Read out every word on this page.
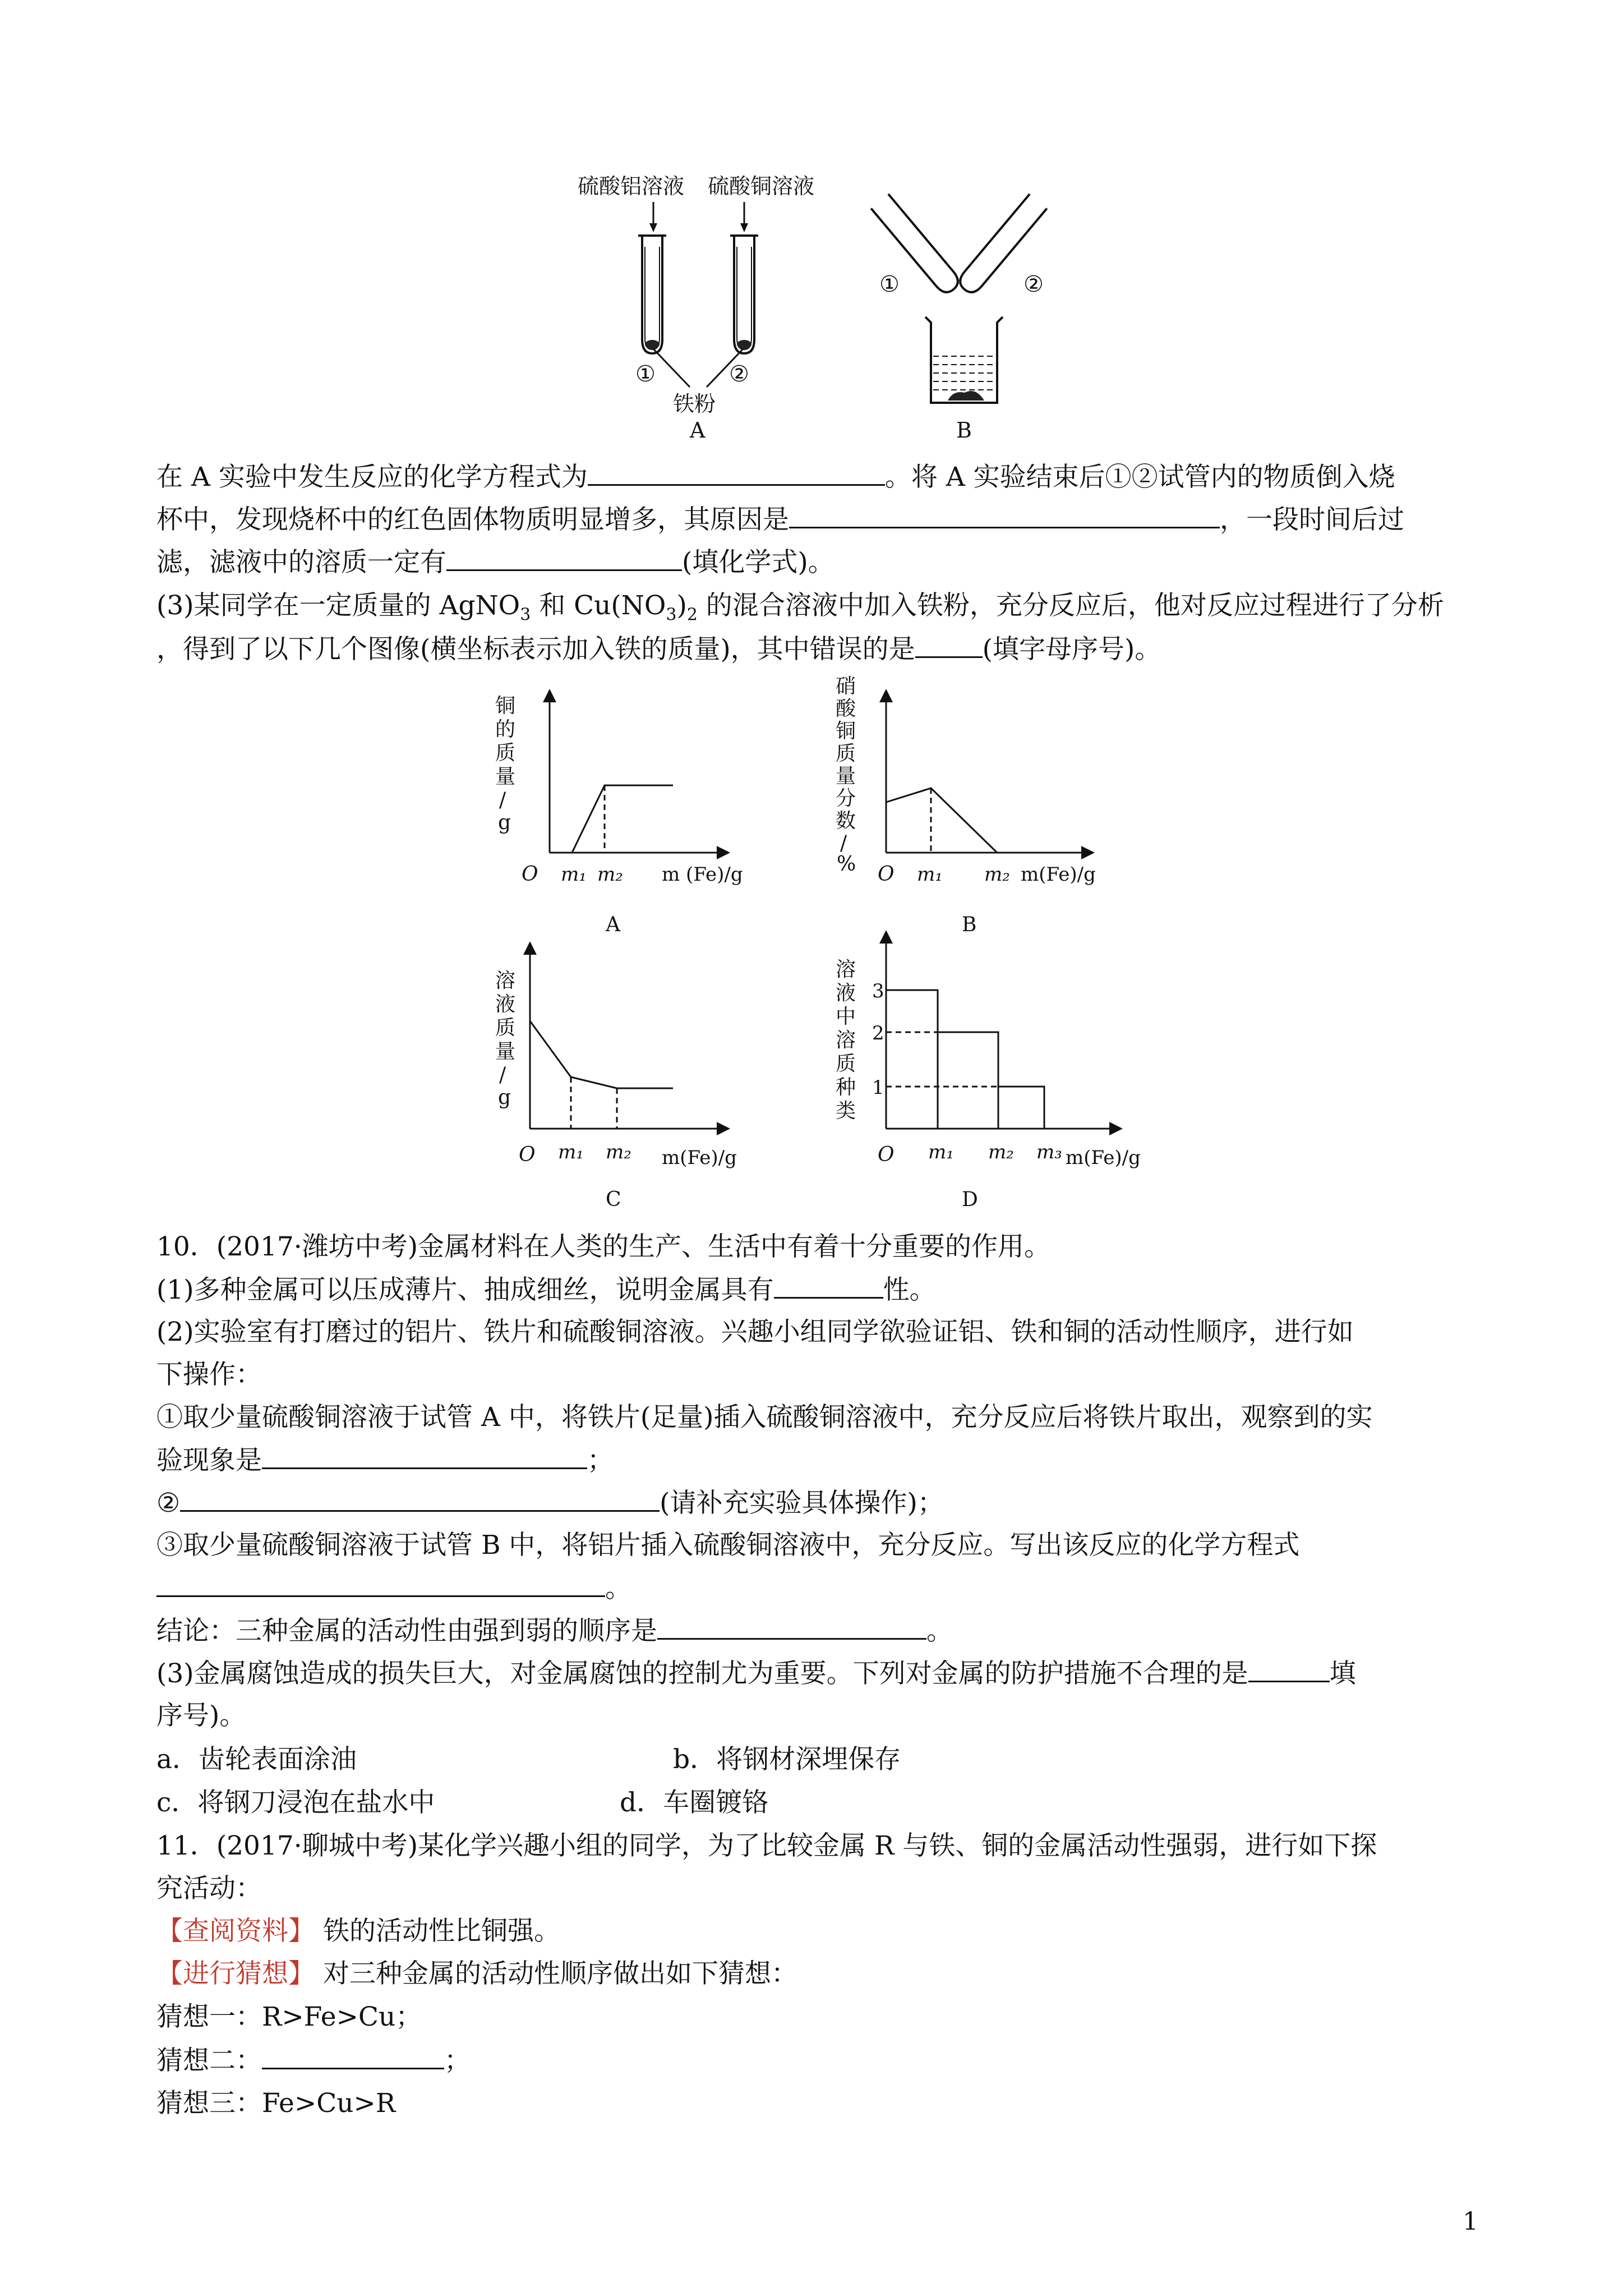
硫酸铝溶液 硫酸铜溶液
①	②
铁粉
A
①	②
B
在 A 实验中发生反应的化学方程式为	。将 A 实验结束后①②试管内的物质倒入烧
杯中，发现烧杯中的红色固体物质明显增多，其原因是	，一段时间后过
滤，滤液中的溶质一定有	(填化学式)。
(3)某同学在一定质量的 AgNO$_3$ 和 $Cu(NO_3)_2$ 的混合溶液中加入铁粉，充分反应后，他对反应过程进行了分析
，得到了以下几个图像(横坐标表示加入铁的质量)，其中错误的是	(填字母序号)。
铜 的 质 量 / g
O m₁ m₂ m (Fe)/g
A
硝 酸 铜 质 量 分 数 / %	O m₁ m₂ m(Fe)/g
B
溶 液 质 量 / g
O m₁ m₂ m(Fe)/g
C
溶 液 中 溶 质 种 类
3
2
1
O m₁ m₂ m₃ m(Fe)/g
D
10．(2017·潍坊中考)金属材料在人类的生产、生活中有着十分重要的作用。
(1)多种金属可以压成薄片、抽成细丝，说明金属具有	性。
(2)实验室有打磨过的铝片、铁片和硫酸铜溶液。兴趣小组同学欲验证铝、铁和铜的活动性顺序，进行如
下操作：
①取少量硫酸铜溶液于试管 A 中，将铁片(足量)插入硫酸铜溶液中，充分反应后将铁片取出，观察到的实
验现象是	；
②	(请补充实验具体操作)；
③取少量硫酸铜溶液于试管 B 中，将铝片插入硫酸铜溶液中，充分反应。写出该反应的化学方程式
。
结论：三种金属的活动性由强到弱的顺序是	。
(3)金属腐蚀造成的损失巨大，对金属腐蚀的控制尤为重要。下列对金属的防护措施不合理的是	填
序号)。
a．齿轮表面涂油	b．将钢材深埋保存
c．将钢刀浸泡在盐水中	d．车圈镀铬
11．(2017·聊城中考)某化学兴趣小组的同学，为了比较金属 R 与铁、铜的金属活动性强弱，进行如下探
究活动：
【查阅资料】 铁的活动性比铜强。
【进行猜想】 对三种金属的活动性顺序做出如下猜想：
猜想一：R>Fe>Cu；
猜想二：	；
猜想三：Fe>Cu>R
1
